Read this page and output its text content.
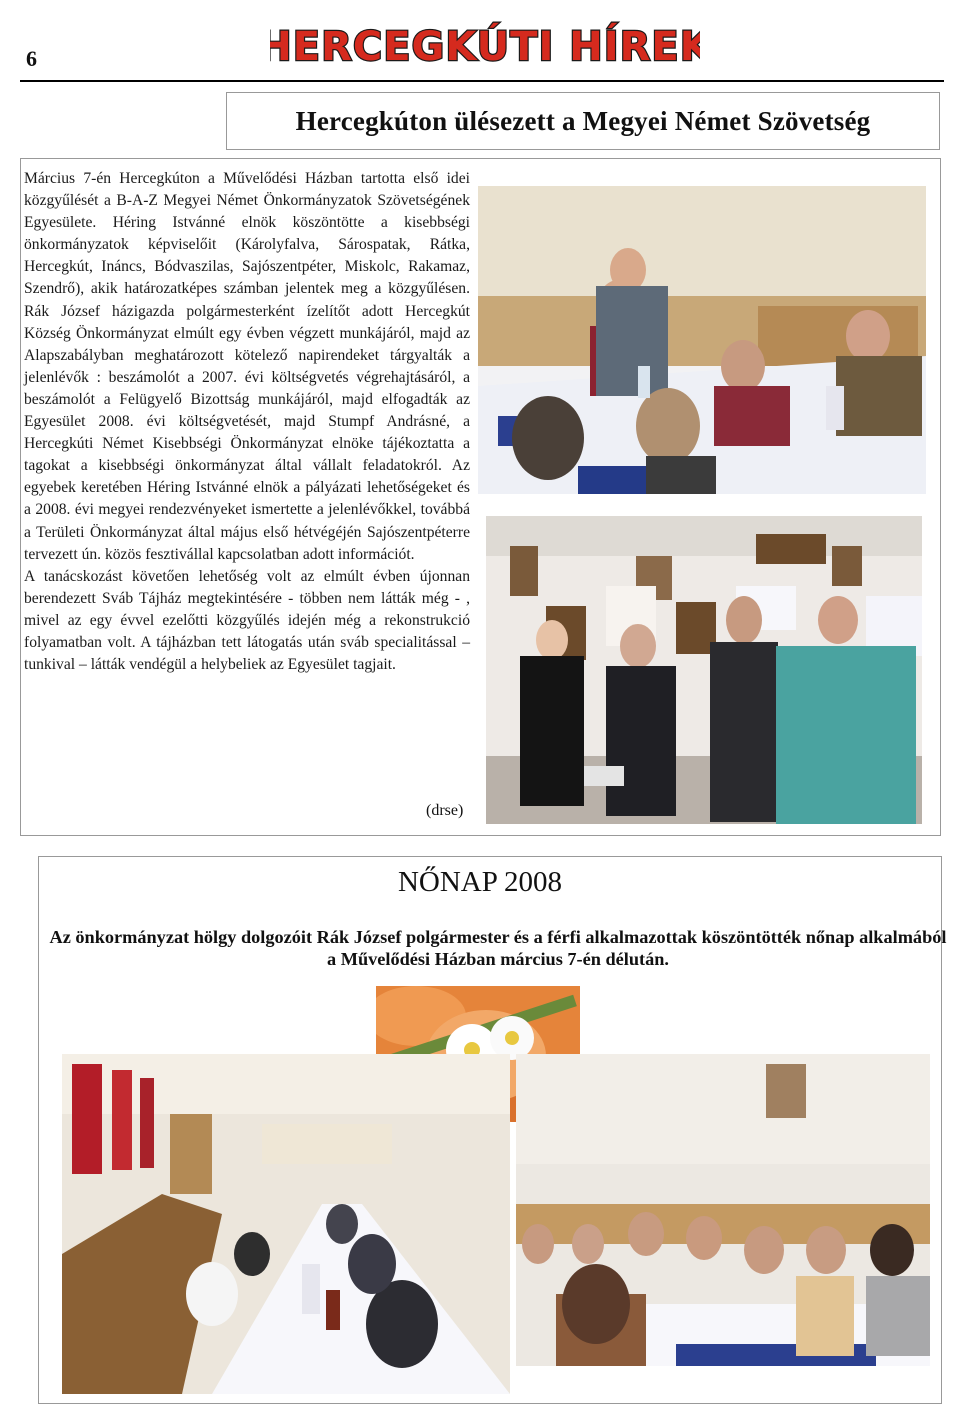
6	HERCEGKÚTI HÍREK
Hercegkúton ülésezett a Megyei Német Szövetség

Március 7-én Hercegkúton a Művelődési Házban tartotta első idei közgyűlését a B-A-Z Megyei Német Önkormányzatok Szövetségének Egyesülete. Héring Istvánné elnök köszöntötte a kisebbségi önkormányzatok képviselőit (Károlyfalva, Sárospatak, Rátka, Hercegkút, Ináncs, Bódvaszilas, Sajószentpéter, Miskolc, Rakamaz, Szendrő), akik határozatképes számban jelentek meg a közgyűlésen. Rák József házigazda polgármesterként ízelítőt adott Hercegkút Község Önkormányzat elmúlt egy évben végzett munkájáról, majd az Alapszabályban meghatározott kötelező napirendeket tárgyalták a jelenlévők : beszámolót a 2007. évi költségvetés végrehajtásáról, a beszámolót a Felügyelő Bizottság munkájáról, majd elfogadták az Egyesület 2008. évi költségvetését, majd Stumpf Andrásné, a Hercegkúti Német Kisebbségi Önkormányzat elnöke tájékoztatta a tagokat a kisebbségi önkormányzat által vállalt feladatokról. Az egyebek keretében Héring Istvánné elnök a pályázati lehetőségeket és a 2008. évi megyei rendezvényeket ismertette a jelenlévőkkel, továbbá a Területi Önkormányzat által május első hétvégéjén Sajószentpéterre tervezett ún. közös fesztivállal kapcsolatban adott információt.

A tanácskozást követően lehetőség volt az elmúlt évben újonnan berendezett Sváb Tájház megtekintésére - többen nem látták még - , mivel az egy évvel ezelőtti közgyűlés idején még a rekonstrukció folyamatban volt. A tájházban tett látogatás után sváb specialitással – tunkival – látták vendégül a helybeliek az Egyesület tagjait.

(drse)
NŐNAP 2008

Az önkormányzat hölgy dolgozóit Rák József polgármester és a férfi alkalmazottak köszöntötték nőnap alkalmából a Művelődési Házban március 7-én délután.
